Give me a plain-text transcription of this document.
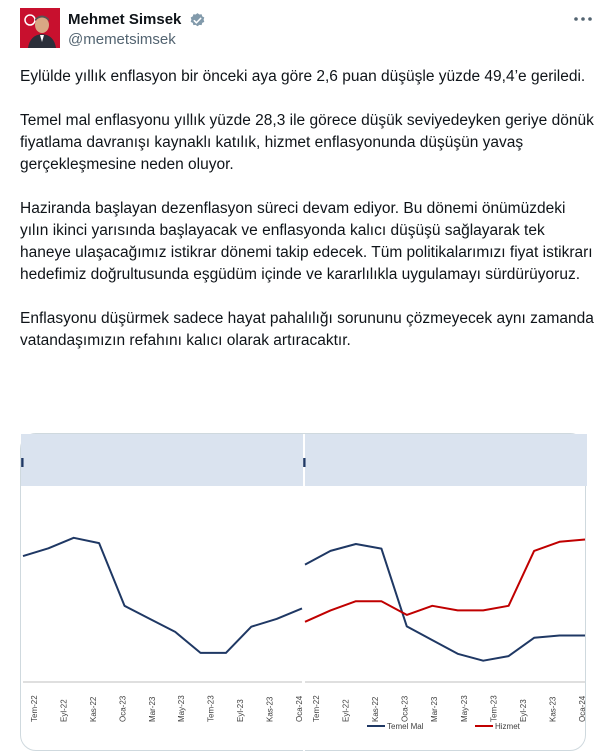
Mehmet Simsek
@memetsimsek

Eylülde yıllık enflasyon bir önceki aya göre 2,6 puan düşüşle yüzde 49,4’e geriledi.

Temel mal enflasyonu yıllık yüzde 28,3 ile görece düşük seviyedeyken geriye dönük fiyatlama davranışı kaynaklı katılık, hizmet enflasyonunda düşüşün yavaş gerçekleşmesine neden oluyor.

Haziranda başlayan dezenflasyon süreci devam ediyor. Bu dönemi önümüzdeki yılın ikinci yarısında başlayacak ve enflasyonda kalıcı düşüşü sağlayarak tek haneye ulaşacağımız istikrar dönemi takip edecek. Tüm politikalarımızı fiyat istikrarı hedefimiz doğrultusunda eşgüdüm içinde ve kararlılıkla uygulamayı sürdürüyoruz.

Enflasyonu düşürmek sadece hayat pahalılığı sorununu çözmeyecek aynı zamanda vatandaşımızın refahını kalıcı olarak artıracaktır.

ı	ı
Tem-22	Eyl-22	Kas-22	Oca-23	Mar-23	May-23	Tem-23	Eyl-23	Kas-23	Oca-24 Tem-22	Eyl-22	Kas-22	Oca-23	Mar-23	May-23	Tem-23	Eyl-23	Kas-23	Oca-24
Temel Mal	Hizmet
